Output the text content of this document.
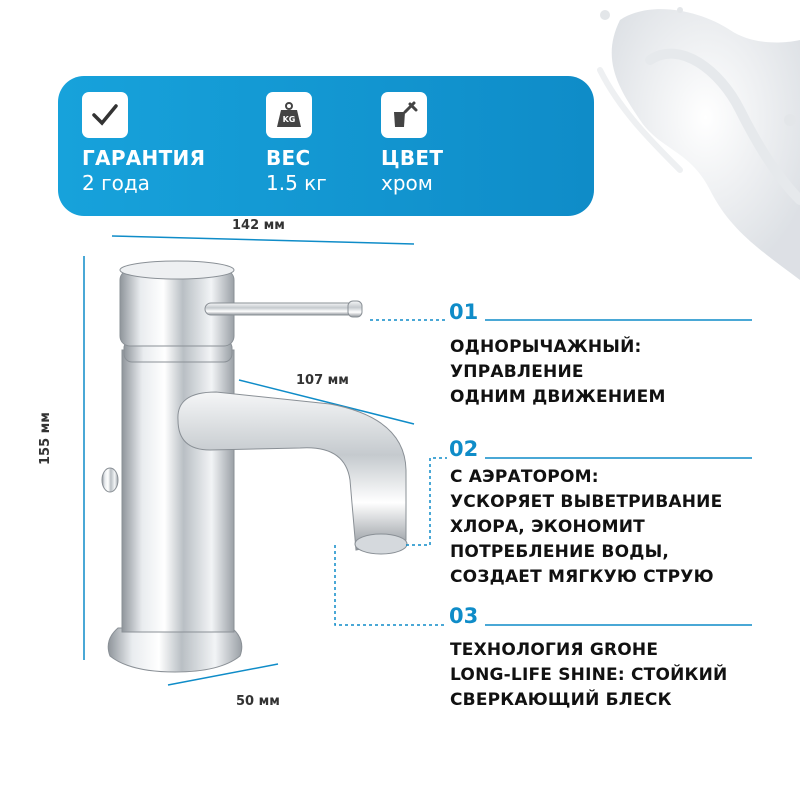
ГАРАНТИЯ
2 года
KG
ВЕС
1.5 кг
ЦВЕТ
хром
142 мм
107 мм
155 мм
50 мм
01
ОДНОРЫЧАЖНЫЙ:
УПРАВЛЕНИЕ
ОДНИМ ДВИЖЕНИЕМ
02
С АЭРАТОРОМ:
УСКОРЯЕТ ВЫВЕТРИВАНИЕ
ХЛОРА, ЭКОНОМИТ
ПОТРЕБЛЕНИЕ ВОДЫ,
СОЗДАЕТ МЯГКУЮ СТРУЮ
03
ТЕХНОЛОГИЯ GROHE
LONG-LIFE SHINE: СТОЙКИЙ
СВЕРКАЮЩИЙ БЛЕСК
